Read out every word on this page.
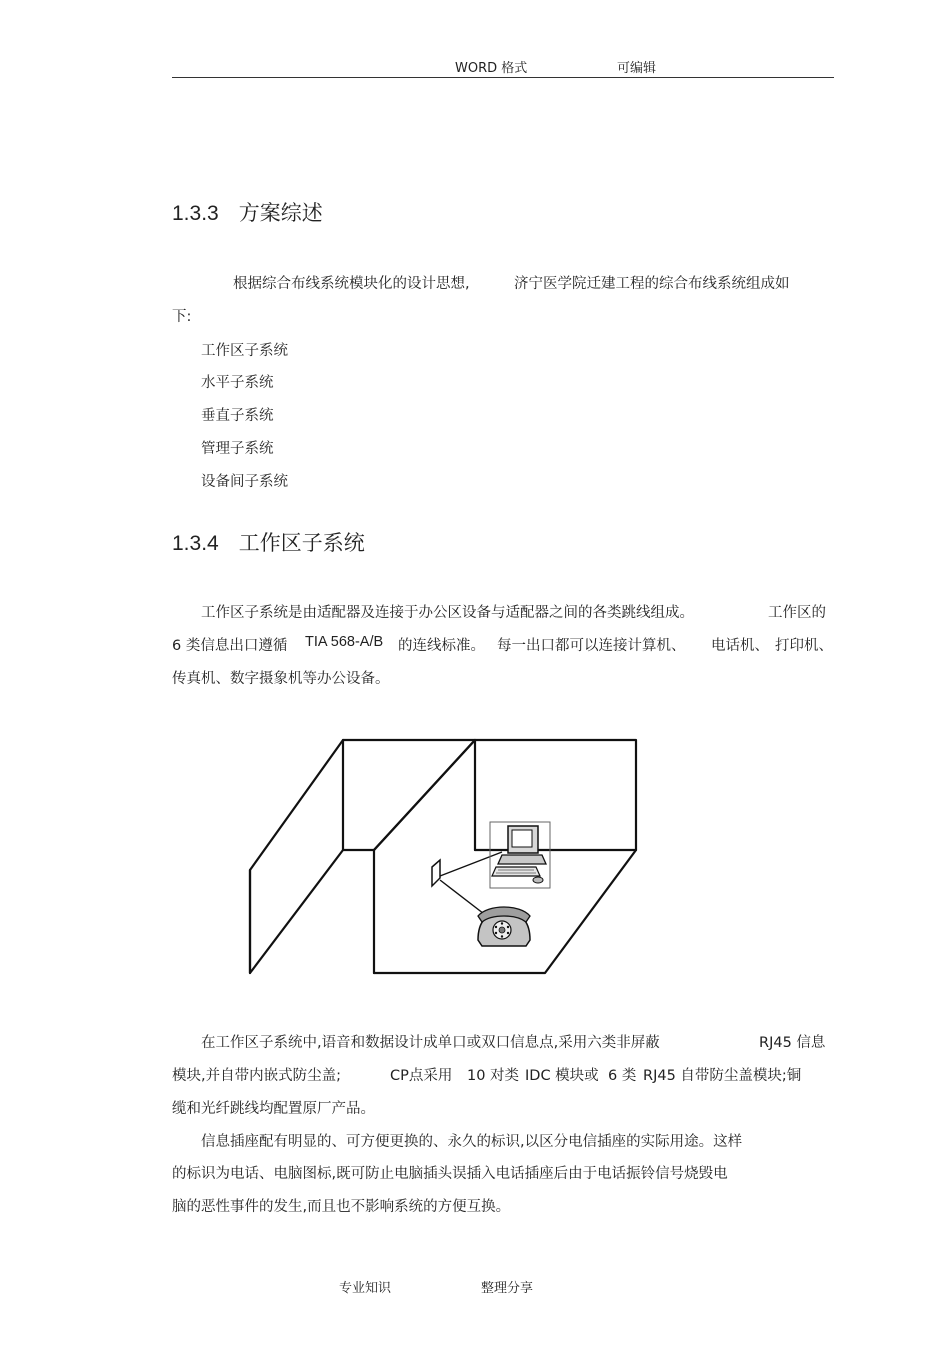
WORD 格式	可编辑
1.3.3 方案综述
根据综合布线系统模块化的设计思想,	济宁医学院迁建工程的综合布线系统组成如
下:
工作区子系统
水平子系统
垂直子系统
管理子系统
设备间子系统
1.3.4 工作区子系统
工作区子系统是由适配器及连接于办公区设备与适配器之间的各类跳线组成。	工作区的
6 类信息出口遵循 TIA 568-A/B 的连线标准。 每一出口都可以连接计算机、 电话机、 打印机、
传真机、数字摄象机等办公设备。
在工作区子系统中,语音和数据设计成单口或双口信息点,采用六类非屏蔽	RJ45 信息
模块,并自带内嵌式防尘盖;	CP点采用 10 对类 IDC 模块或 6 类 RJ45 自带防尘盖模块;铜
缆和光纤跳线均配置原厂产品。
信息插座配有明显的、可方便更换的、永久的标识,以区分电信插座的实际用途。这样
的标识为电话、电脑图标,既可防止电脑插头误插入电话插座后由于电话振铃信号烧毁电
脑的恶性事件的发生,而且也不影响系统的方便互换。
专业知识	整理分享
